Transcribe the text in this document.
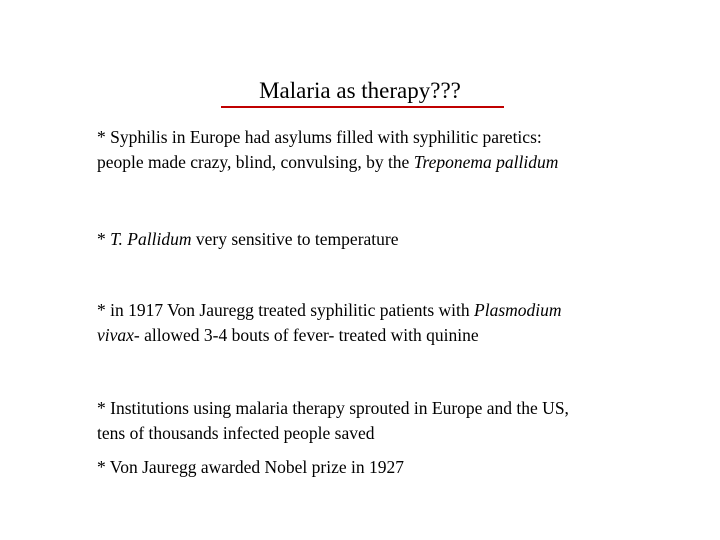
Malaria as therapy???

* Syphilis in Europe had asylums filled with syphilitic paretics:
people made crazy, blind, convulsing, by the Treponema pallidum

* T. Pallidum very sensitive to temperature

* in 1917 Von Jauregg treated syphilitic patients with Plasmodium
vivax- allowed 3-4 bouts of fever- treated with quinine

* Institutions using malaria therapy sprouted in Europe and the US,
tens of thousands infected people saved

* Von Jauregg awarded Nobel prize in 1927
